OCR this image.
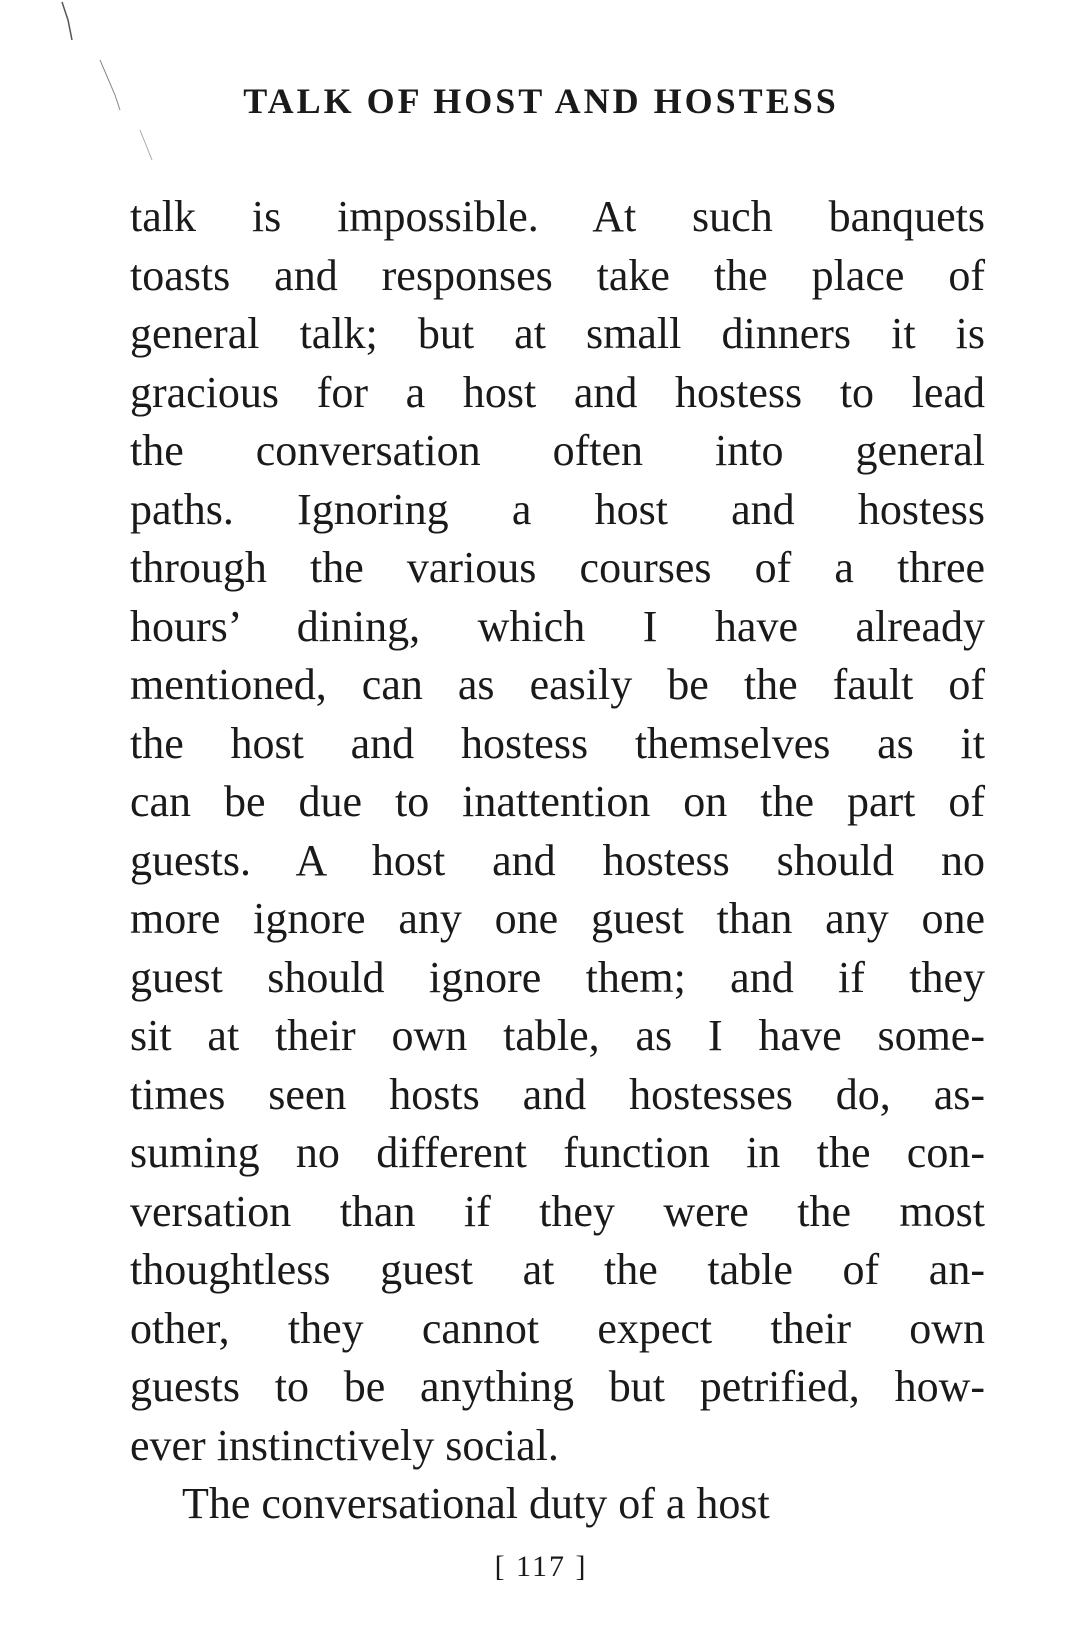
TALK OF HOST AND HOSTESS
talk is impossible. At such banquets
toasts and responses take the place of
general talk; but at small dinners it is
gracious for a host and hostess to lead
the conversation often into general
paths. Ignoring a host and hostess
through the various courses of a three
hours’ dining, which I have already
mentioned, can as easily be the fault of
the host and hostess themselves as it
can be due to inattention on the part of
guests. A host and hostess should no
more ignore any one guest than any one
guest should ignore them; and if they
sit at their own table, as I have some-
times seen hosts and hostesses do, as-
suming no different function in the con-
versation than if they were the most
thoughtless guest at the table of an-
other, they cannot expect their own
guests to be anything but petrified, how-
ever instinctively social.
The conversational duty of a host
[ 117 ]
